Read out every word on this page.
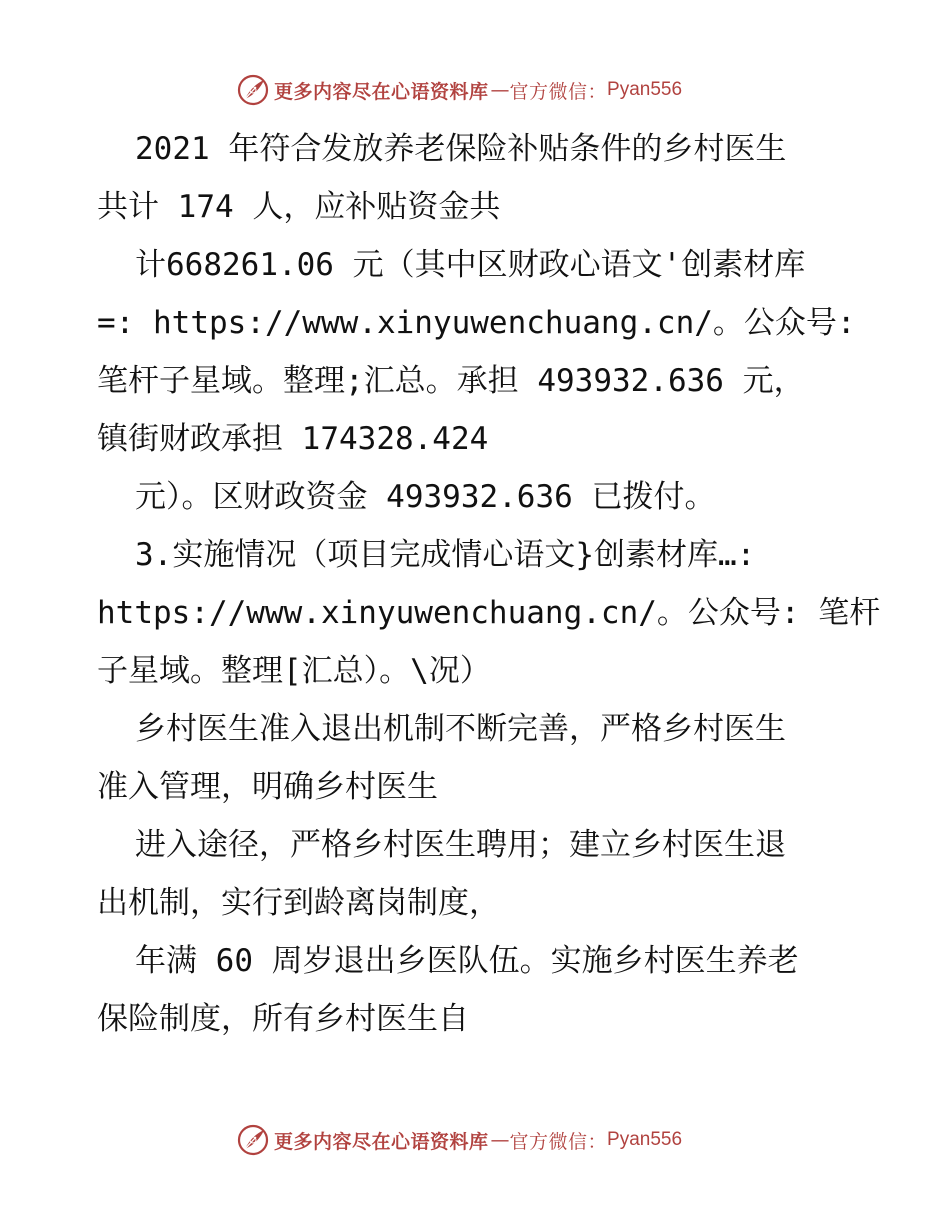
更多内容尽在心语资料库 — 官方微信： Pyan556
2021 年符合发放养老保险补贴条件的乡村医生
共计 174 人，应补贴资金共
计668261.06 元（其中区财政心语文'创素材库
=: https://www.xinyuwenchuang.cn/。公众号:
笔杆子星域。整理;汇总。承担 493932.636 元，
镇街财政承担 174328.424
元）。区财政资金 493932.636 已拨付。
3.实施情况（项目完成情心语文}创素材库…:
https://www.xinyuwenchuang.cn/。公众号: 笔杆
子星域。整理[汇总）。\况）
乡村医生准入退出机制不断完善，严格乡村医生
准入管理，明确乡村医生
进入途径，严格乡村医生聘用；建立乡村医生退
出机制，实行到龄离岗制度，
年满 60 周岁退出乡医队伍。实施乡村医生养老
保险制度，所有乡村医生自
更多内容尽在心语资料库 — 官方微信： Pyan556
